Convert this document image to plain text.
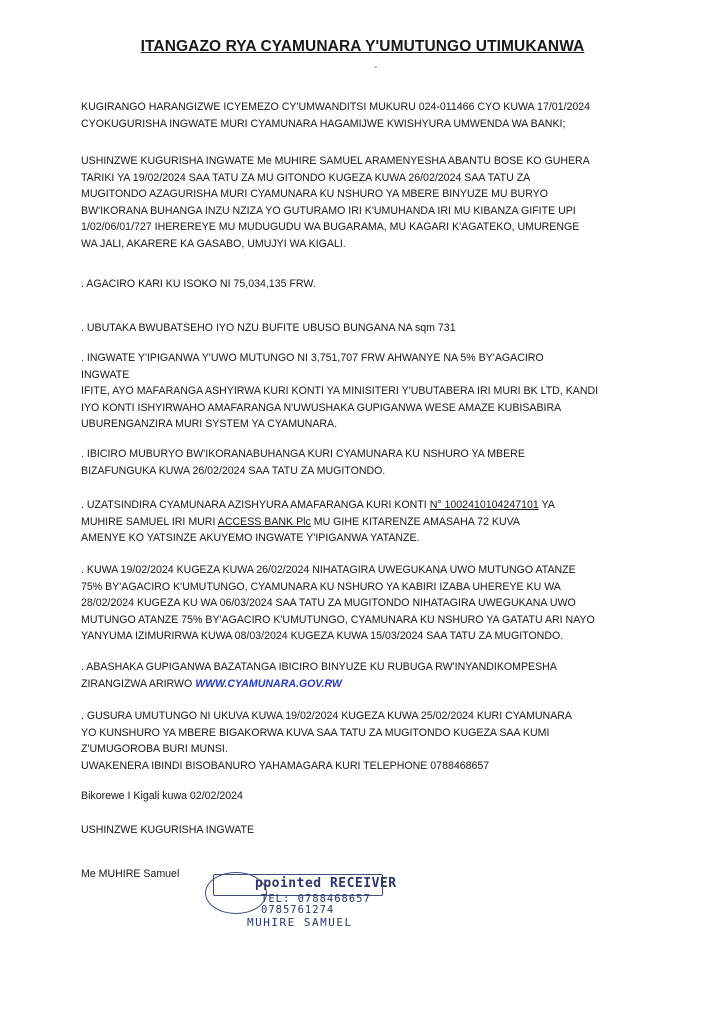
ITANGAZO RYA CYAMUNARA Y'UMUTUNGO UTIMUKANWA
-
KUGIRANGO HARANGIZWE ICYEMEZO CY'UMWANDITSI MUKURU 024-011466 CYO KUWA 17/01/2024
CYOKUGURISHA INGWATE MURI CYAMUNARA HAGAMIJWE KWISHYURA UMWENDA WA BANKI;
USHINZWE KUGURISHA INGWATE Me MUHIRE SAMUEL ARAMENYESHA ABANTU BOSE KO GUHERA
TARIKI YA 19/02/2024 SAA TATU ZA MU GITONDO KUGEZA KUWA 26/02/2024 SAA TATU ZA
MUGITONDO AZAGURISHA MURI CYAMUNARA KU NSHURO YA MBERE BINYUZE MU BURYO
BW'IKORANA BUHANGA INZU NZIZA YO GUTURAMO IRI K'UMUHANDA IRI MU KIBANZA GIFITE UPI
1/02/06/01/727 IHEREREYE MU MUDUGUDU WA BUGARAMA, MU KAGARI K'AGATEKO, UMURENGE
WA JALI, AKARERE KA GASABO, UMUJYI WA KIGALI.
. AGACIRO KARI KU ISOKO NI 75,034,135 FRW.
. UBUTAKA BWUBATSEHO IYO NZU BUFITE UBUSO BUNGANA NA sqm 731
. INGWATE Y'IPIGANWA Y'UWO MUTUNGO NI 3,751,707 FRW AHWANYE NA 5% BY'AGACIRO
INGWATE
IFITE, AYO MAFARANGA ASHYIRWA KURI KONTI YA MINISITERI Y'UBUTABERA IRI MURI BK LTD, KANDI
IYO KONTI ISHYIRWAHO AMAFARANGA N'UWUSHAKA GUPIGANWA WESE AMAZE KUBISABIRA
UBURENGANZIRA MURI SYSTEM YA CYAMUNARA.
. IBICIRO MUBURYO BW'IKORANABUHANGA KURI CYAMUNARA KU NSHURO YA MBERE
BIZAFUNGUKA KUWA 26/02/2024 SAA TATU ZA MUGITONDO.
. UZATSINDIRA CYAMUNARA AZISHYURA AMAFARANGA KURI KONTI N° 1002410104247101 YA
MUHIRE SAMUEL IRI MURI ACCESS BANK Plc MU GIHE KITARENZE AMASAHA 72 KUVA
AMENYE KO YATSINZE AKUYEMO INGWATE Y'IPIGANWA YATANZE.
. KUWA 19/02/2024 KUGEZA KUWA 26/02/2024 NIHATAGIRA UWEGUKANA UWO MUTUNGO ATANZE
75% BY'AGACIRO K'UMUTUNGO, CYAMUNARA KU NSHURO YA KABIRI IZABA UHEREYE KU WA
28/02/2024 KUGEZA KU WA 06/03/2024 SAA TATU ZA MUGITONDO NIHATAGIRA UWEGUKANA UWO
MUTUNGO ATANZE 75% BY'AGACIRO K'UMUTUNGO, CYAMUNARA KU NSHURO YA GATATU ARI NAYO
YANYUMA IZIMURIRWA KUWA 08/03/2024 KUGEZA KUWA 15/03/2024 SAA TATU ZA MUGITONDO.
. ABASHAKA GUPIGANWA BAZATANGA IBICIRO BINYUZE KU RUBUGA RW'INYANDIKOMPESHA
ZIRANGIZWA ARIRWO WWW.CYAMUNARA.GOV.RW
. GUSURA UMUTUNGO NI UKUVA KUWA 19/02/2024 KUGEZA KUWA 25/02/2024 KURI CYAMUNARA
YO KUNSHURO YA MBERE BIGAKORWA KUVA SAA TATU ZA MUGITONDO KUGEZA SAA KUMI
Z'UMUGOROBA BURI MUNSI.
UWAKENERA IBINDI BISOBANURO YAHAMAGARA KURI TELEPHONE 0788468657
Bikorewe I Kigali kuwa 02/02/2024
USHINZWE KUGURISHA INGWATE
Me MUHIRE Samuel
ppointed RECEIVER
TEL: 0788468657
0785761274
MUHIRE SAMUEL
